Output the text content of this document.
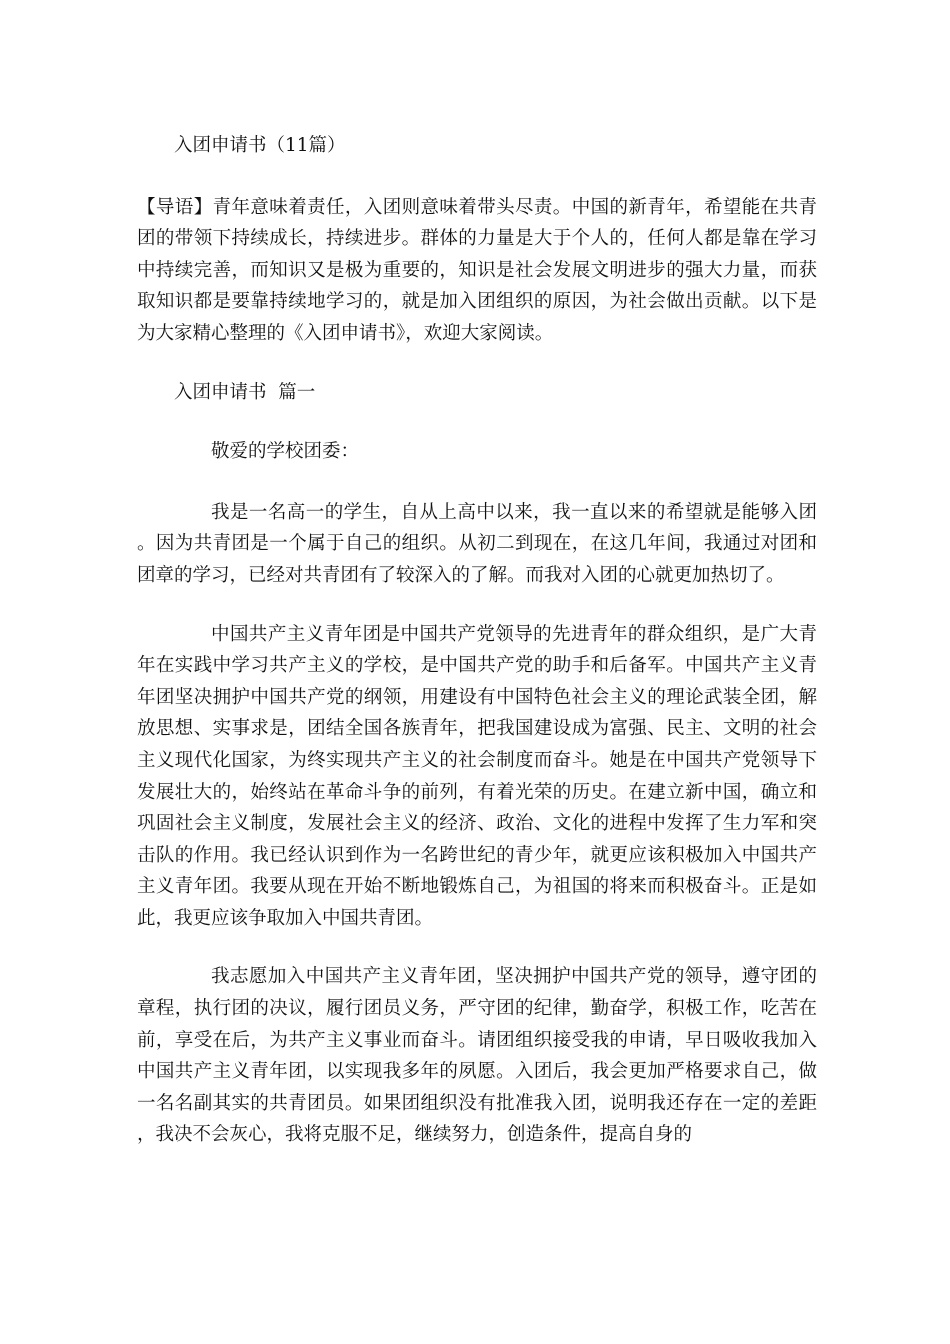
入团申请书（11篇）

【导语】青年意味着责任，入团则意味着带头尽责。中国的新青年，希望能在共青团的带领下持续成长，持续进步。群体的力量是大于个人的，任何人都是靠在学习中持续完善，而知识又是极为重要的，知识是社会发展文明进步的强大力量，而获取知识都是要靠持续地学习的，就是加入团组织的原因，为社会做出贡献。以下是为大家精心整理的《入团申请书》，欢迎大家阅读。

入团申请书  篇一

敬爱的学校团委：

我是一名高一的学生，自从上高中以来，我一直以来的希望就是能够入团。因为共青团是一个属于自己的组织。从初二到现在，在这几年间，我通过对团和团章的学习，已经对共青团有了较深入的了解。而我对入团的心就更加热切了。

中国共产主义青年团是中国共产党领导的先进青年的群众组织，是广大青年在实践中学习共产主义的学校，是中国共产党的助手和后备军。中国共产主义青年团坚决拥护中国共产党的纲领，用建设有中国特色社会主义的理论武装全团，解放思想、实事求是，团结全国各族青年，把我国建设成为富强、民主、文明的社会主义现代化国家，为终实现共产主义的社会制度而奋斗。她是在中国共产党领导下发展壮大的，始终站在革命斗争的前列，有着光荣的历史。在建立新中国，确立和巩固社会主义制度，发展社会主义的经济、政治、文化的进程中发挥了生力军和突击队的作用。我已经认识到作为一名跨世纪的青少年，就更应该积极加入中国共产主义青年团。我要从现在开始不断地锻炼自己，为祖国的将来而积极奋斗。正是如此，我更应该争取加入中国共青团。

我志愿加入中国共产主义青年团，坚决拥护中国共产党的领导，遵守团的章程，执行团的决议，履行团员义务，严守团的纪律，勤奋学，积极工作，吃苦在前，享受在后，为共产主义事业而奋斗。请团组织接受我的申请，早日吸收我加入中国共产主义青年团，以实现我多年的夙愿。入团后，我会更加严格要求自己，做一名名副其实的共青团员。如果团组织没有批准我入团，说明我还存在一定的差距，我决不会灰心，我将克服不足，继续努力，创造条件，提高自身的
